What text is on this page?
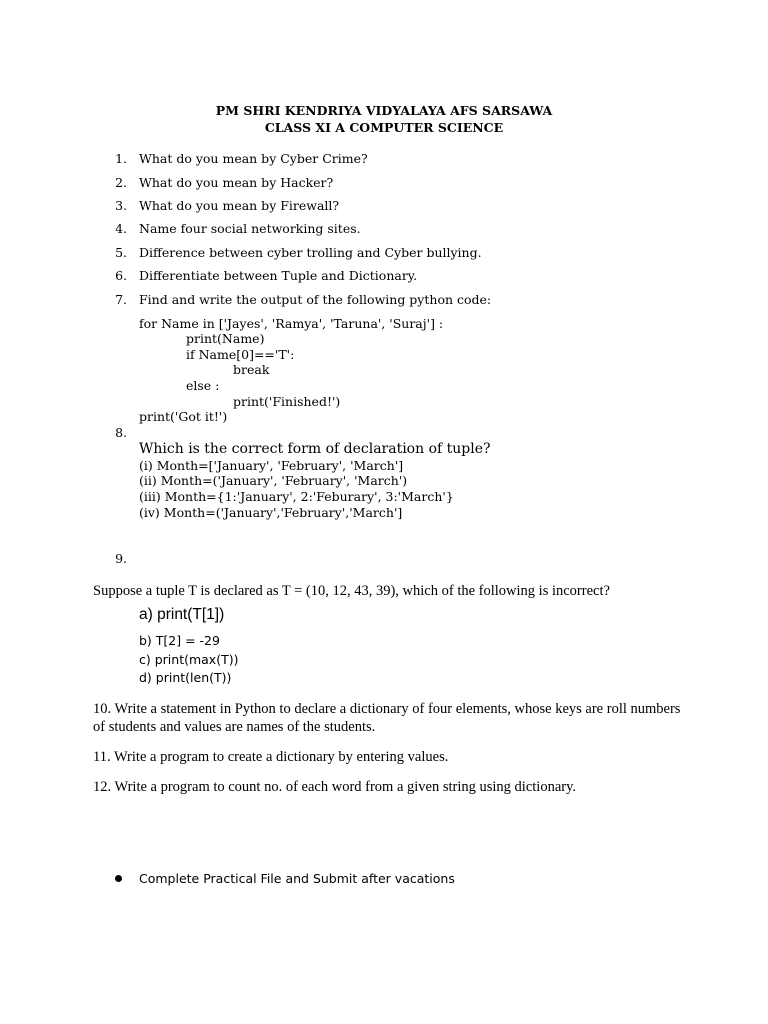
PM SHRI KENDRIYA VIDYALAYA AFS SARSAWA
CLASS XI A COMPUTER SCIENCE
1. What do you mean by Cyber Crime?
2. What do you mean by Hacker?
3. What do you mean by Firewall?
4. Name four social networking sites.
5. Difference between cyber trolling and Cyber bullying.
6. Differentiate between Tuple and Dictionary.
7. Find and write the output of the following python code:
for Name in ['Jayes', 'Ramya', 'Taruna', 'Suraj'] :
print(Name)
if Name[0]=='T':
break
else :
print('Finished!')
print('Got it!')
8.
Which is the correct form of declaration of tuple?
(i) Month=['January', 'February', 'March']
(ii) Month=('January', 'February', 'March')
(iii) Month={1:'January', 2:'Feburary', 3:'March'}
(iv) Month=('January','February','March']
9.
Suppose a tuple T is declared as T = (10, 12, 43, 39), which of the following is incorrect?
a) print(T[1])
b) T[2] = -29
c) print(max(T))
d) print(len(T))
10. Write a statement in Python to declare a dictionary of four elements, whose keys are roll numbers
of students and values are names of the students.
11. Write a program to create a dictionary by entering values.
12. Write a program to count no. of each word from a given string using dictionary.
Complete Practical File and Submit after vacations
